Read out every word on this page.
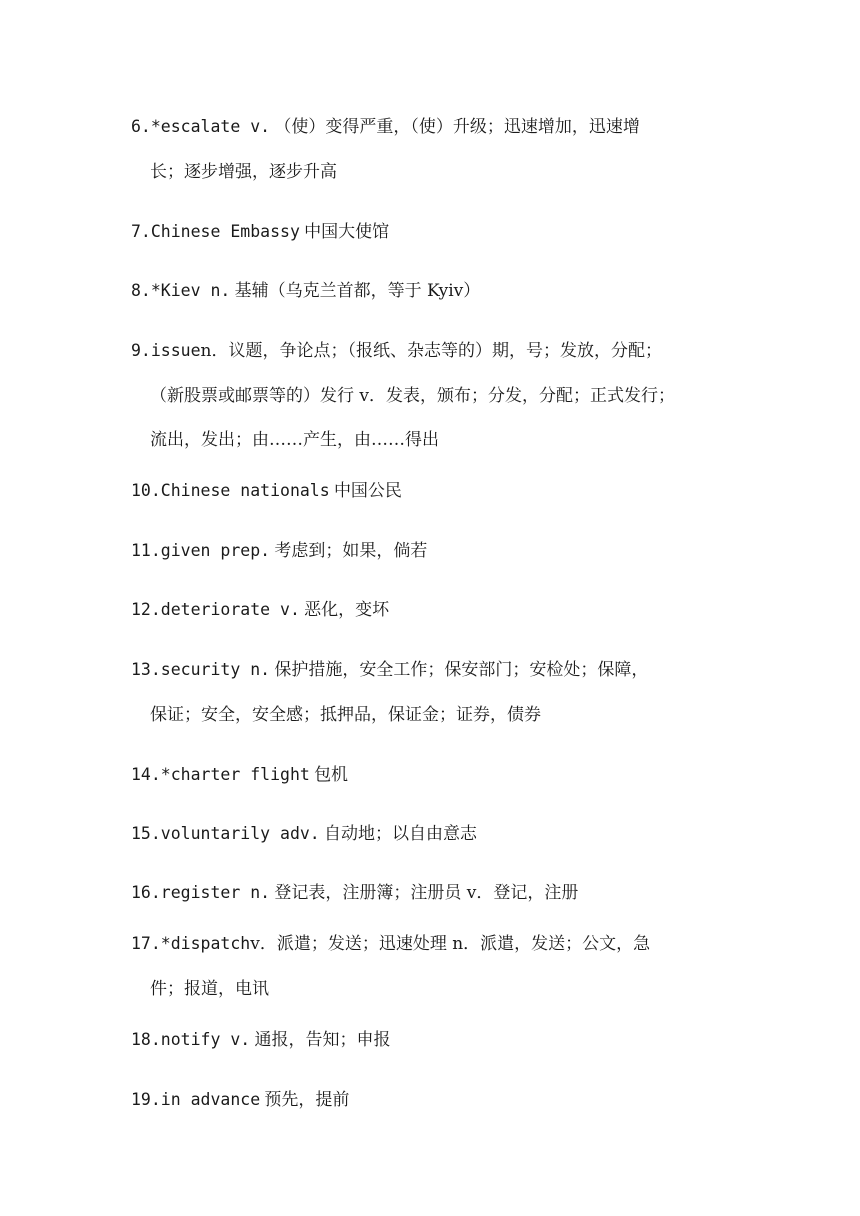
6.*escalate v. （使）变得严重，（使）升级；迅速增加，迅速增
长；逐步增强，逐步升高
7.Chinese Embassy 中国大使馆
8.*Kiev n. 基辅（乌克兰首都，等于 Kyiv）
9.issuen．议题，争论点；（报纸、杂志等的）期，号；发放，分配；
（新股票或邮票等的）发行 v．发表，颁布；分发，分配；正式发行；
流出，发出；由……产生，由……得出
10.Chinese nationals 中国公民
11.given prep. 考虑到；如果，倘若
12.deteriorate v. 恶化，变坏
13.security n. 保护措施，安全工作；保安部门；安检处；保障，
保证；安全，安全感；抵押品，保证金；证券，债券
14.*charter flight 包机
15.voluntarily adv. 自动地；以自由意志
16.register n. 登记表，注册簿；注册员 v．登记，注册
17.*dispatchv．派遣；发送；迅速处理 n．派遣，发送；公文，急
件；报道，电讯
18.notify v. 通报，告知；申报
19.in advance 预先，提前
